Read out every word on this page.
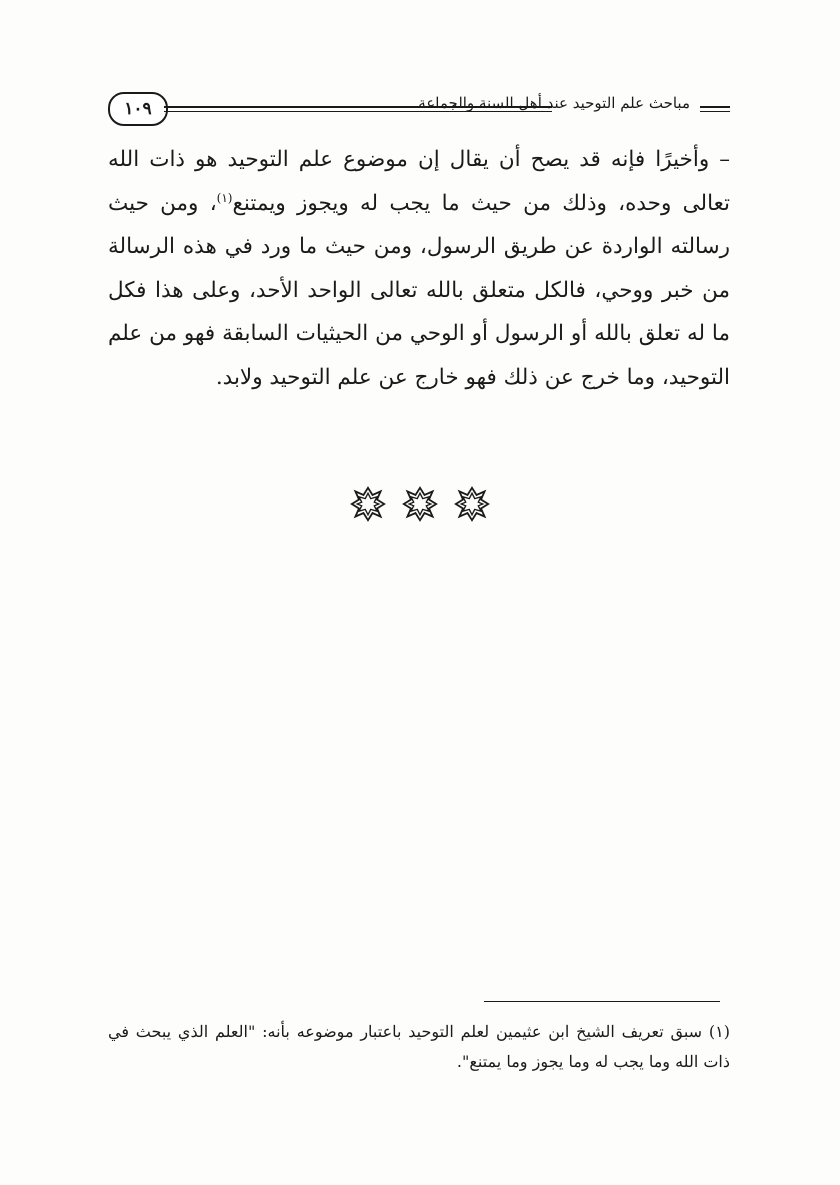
١٠٩	مباحث علم التوحيد عند أهل السنة والجماعة

– وأخيرًا فإنه قد يصح أن يقال إن موضوع علم التوحيد هو ذات الله تعالى وحده، وذلك من حيث ما يجب له ويجوز ويمتنع$^{(١)}$، ومن حيث رسالته الواردة عن طريق الرسول، ومن حيث ما ورد في هذه الرسالة من خبر ووحي، فالكل متعلق بالله تعالى الواحد الأحد، وعلى هذا فكل ما له تعلق بالله أو الرسول أو الوحي من الحيثيات السابقة فهو من علم التوحيد، وما خرج عن ذلك فهو خارج عن علم التوحيد ولابد.

(١) سبق تعريف الشيخ ابن عثيمين لعلم التوحيد باعتبار موضوعه بأنه: "العلم الذي يبحث في ذات الله وما يجب له وما يجوز وما يمتنع".
